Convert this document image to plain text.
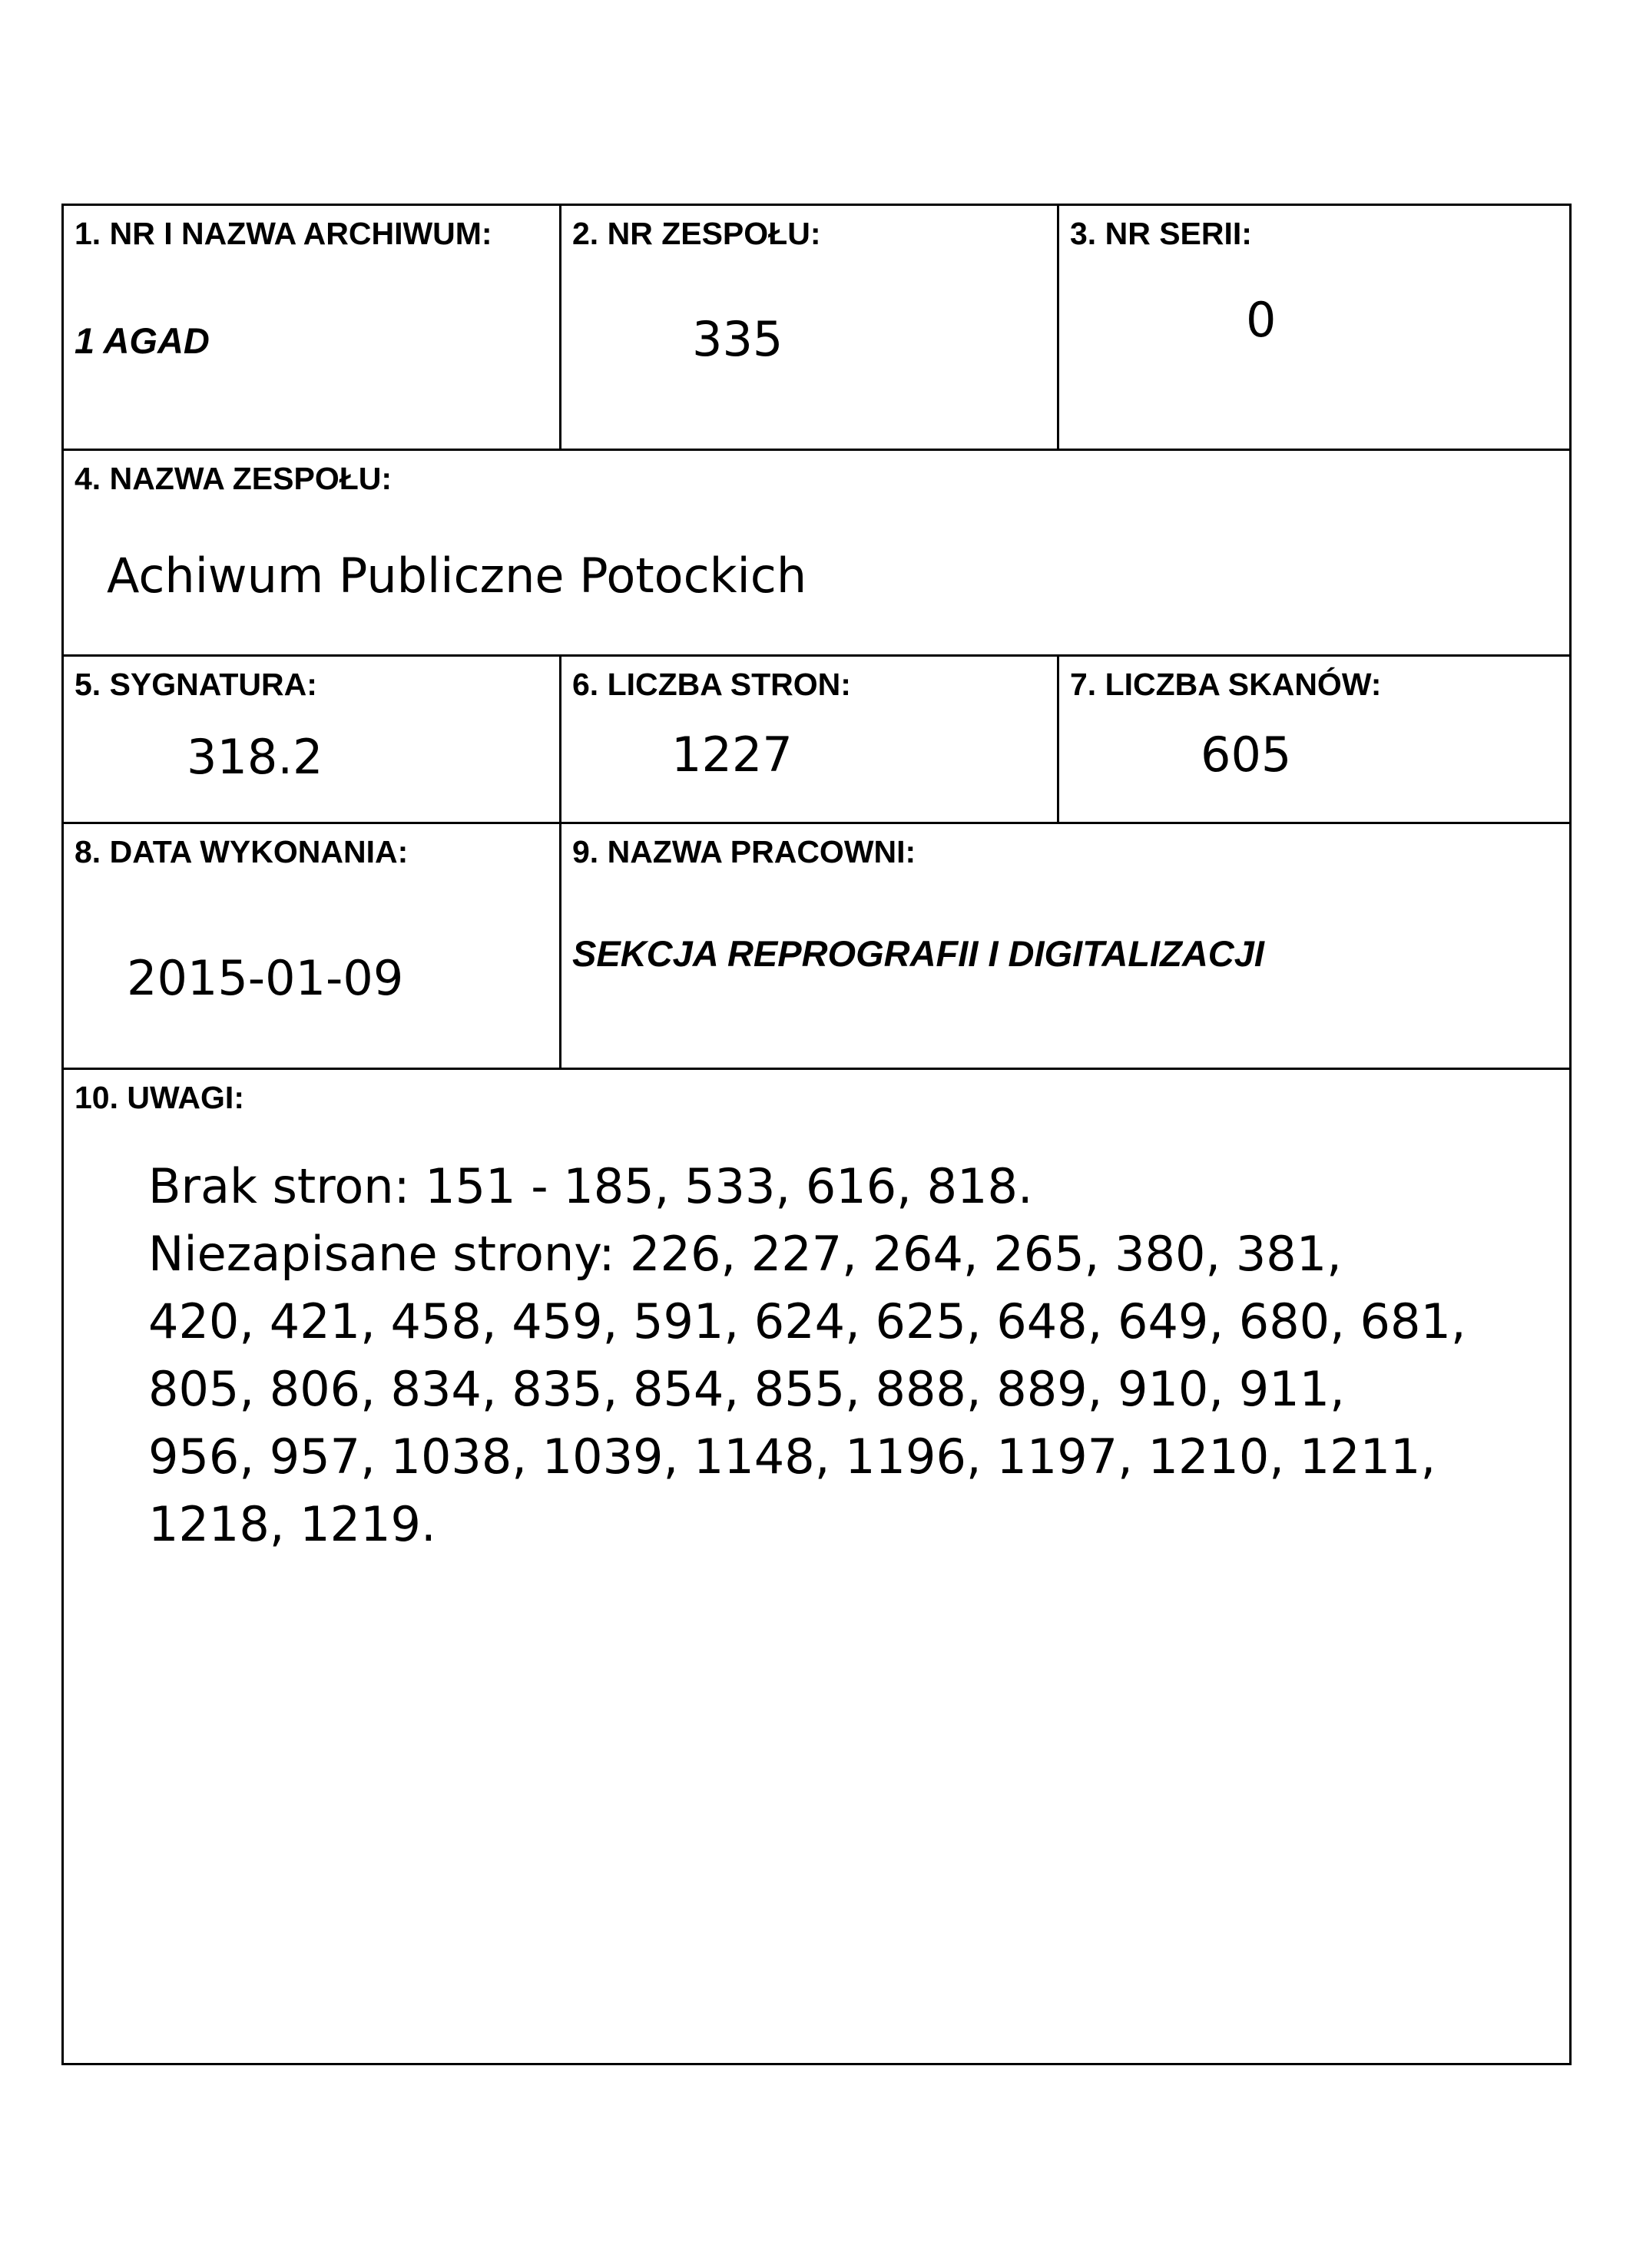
1. NR I NAZWA ARCHIWUM:
1 AGAD
2. NR ZESPOŁU:
335
3. NR SERII:
0
4. NAZWA ZESPOŁU:
Achiwum Publiczne Potockich
5. SYGNATURA:
318.2
6. LICZBA STRON:
1227
7. LICZBA SKANÓW:
605
8. DATA WYKONANIA:
2015-01-09
9. NAZWA PRACOWNI:
SEKCJA REPROGRAFII I DIGITALIZACJI
10. UWAGI:
Brak stron: 151 - 185, 533, 616, 818.
Niezapisane strony: 226, 227, 264, 265, 380, 381,
420, 421, 458, 459, 591, 624, 625, 648, 649, 680, 681,
805, 806, 834, 835, 854, 855, 888, 889, 910, 911,
956, 957, 1038, 1039, 1148, 1196, 1197, 1210, 1211,
1218, 1219.
